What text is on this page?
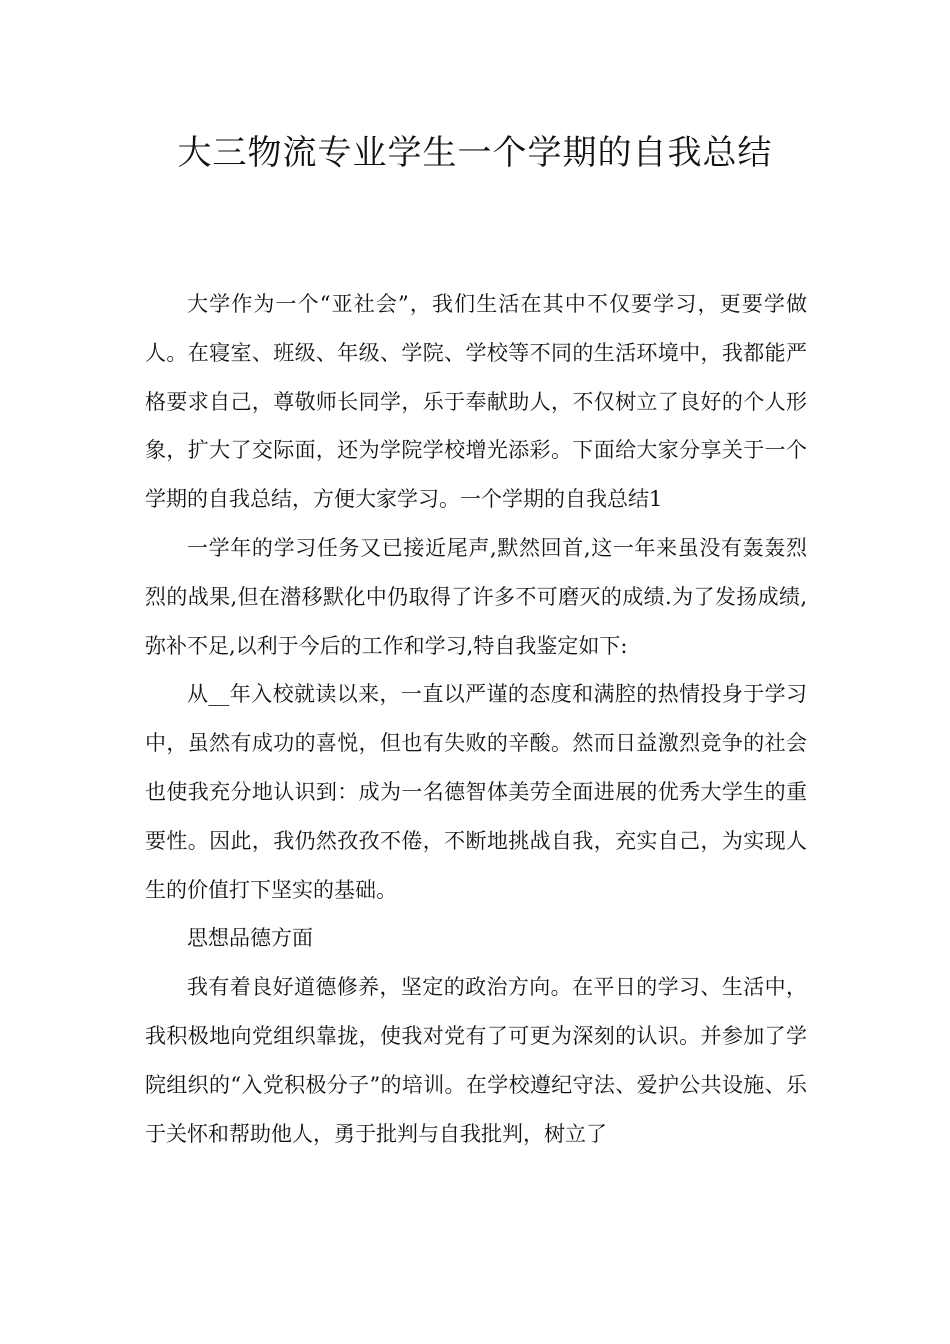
大三物流专业学生一个学期的自我总结

大学作为一个“亚社会”，我们生活在其中不仅要学习，更要学做人。在寝室、班级、年级、学院、学校等不同的生活环境中，我都能严格要求自己，尊敬师长同学，乐于奉献助人，不仅树立了良好的个人形象，扩大了交际面，还为学院学校增光添彩。下面给大家分享关于一个学期的自我总结，方便大家学习。一个学期的自我总结1

一学年的学习任务又已接近尾声,默然回首,这一年来虽没有轰轰烈烈的战果,但在潜移默化中仍取得了许多不可磨灭的成绩.为了发扬成绩,弥补不足,以利于今后的工作和学习,特自我鉴定如下:

从__年入校就读以来，一直以严谨的态度和满腔的热情投身于学习中，虽然有成功的喜悦，但也有失败的辛酸。然而日益激烈竞争的社会也使我充分地认识到：成为一名德智体美劳全面进展的优秀大学生的重要性。因此，我仍然孜孜不倦，不断地挑战自我，充实自己，为实现人生的价值打下坚实的基础。

思想品德方面

我有着良好道德修养，坚定的政治方向。在平日的学习、生活中，我积极地向党组织靠拢，使我对党有了可更为深刻的认识。并参加了学院组织的“入党积极分子”的培训。在学校遵纪守法、爱护公共设施、乐于关怀和帮助他人，勇于批判与自我批判，树立了
